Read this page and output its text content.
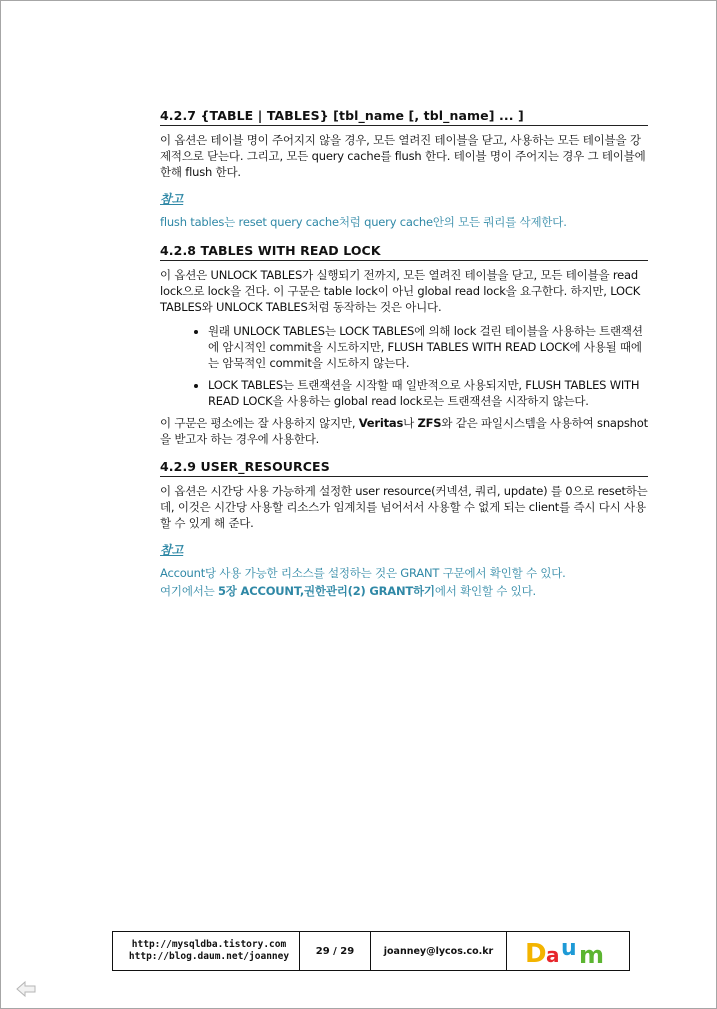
4.2.7 {TABLE | TABLES} [tbl_name [, tbl_name] ... ]

이 옵션은 테이블 명이 주어지지 않을 경우, 모든 열려진 테이블을 닫고, 사용하는 모든 테이블을 강제적으로 닫는다. 그리고, 모든 query cache를 flush 한다. 테이블 명이 주어지는 경우 그 테이블에 한해 flush 한다.

참고

flush tables는 reset query cache처럼 query cache안의 모든 쿼리를 삭제한다.

4.2.8 TABLES WITH READ LOCK

이 옵션은 UNLOCK TABLES가 실행되기 전까지, 모든 열려진 테이블을 닫고, 모든 테이블을 read lock으로 lock을 건다. 이 구문은 table lock이 아닌 global read lock을 요구한다. 하지만, LOCK TABLES와 UNLOCK TABLES처럼 동작하는 것은 아니다.

• 원래 UNLOCK TABLES는 LOCK TABLES에 의해 lock 걸린 테이블을 사용하는 트랜잭션에 암시적인 commit을 시도하지만, FLUSH TABLES WITH READ LOCK에 사용될 때에는 암묵적인 commit을 시도하지 않는다.
• LOCK TABLES는 트랜잭션을 시작할 때 일반적으로 사용되지만, FLUSH TABLES WITH READ LOCK을 사용하는 global read lock로는 트랜잭션을 시작하지 않는다.

이 구문은 평소에는 잘 사용하지 않지만, Veritas나 ZFS와 같은 파일시스템을 사용하여 snapshot을 받고자 하는 경우에 사용한다.

4.2.9 USER_RESOURCES

이 옵션은 시간당 사용 가능하게 설정한 user resource(커넥션, 쿼리, update) 를 0으로 reset하는데, 이것은 시간당 사용할 리소스가 임계치를 넘어서서 사용할 수 없게 되는 client를 즉시 다시 사용할 수 있게 해 준다.

참고

Account당 사용 가능한 리소스를 설정하는 것은 GRANT 구문에서 확인할 수 있다.
여기에서는 5장 ACCOUNT,권한관리(2) GRANT하기에서 확인할 수 있다.

http://mysqldba.tistory.com
http://blog.daum.net/joanney	29 / 29	joanney@lycos.co.kr	D a u m
